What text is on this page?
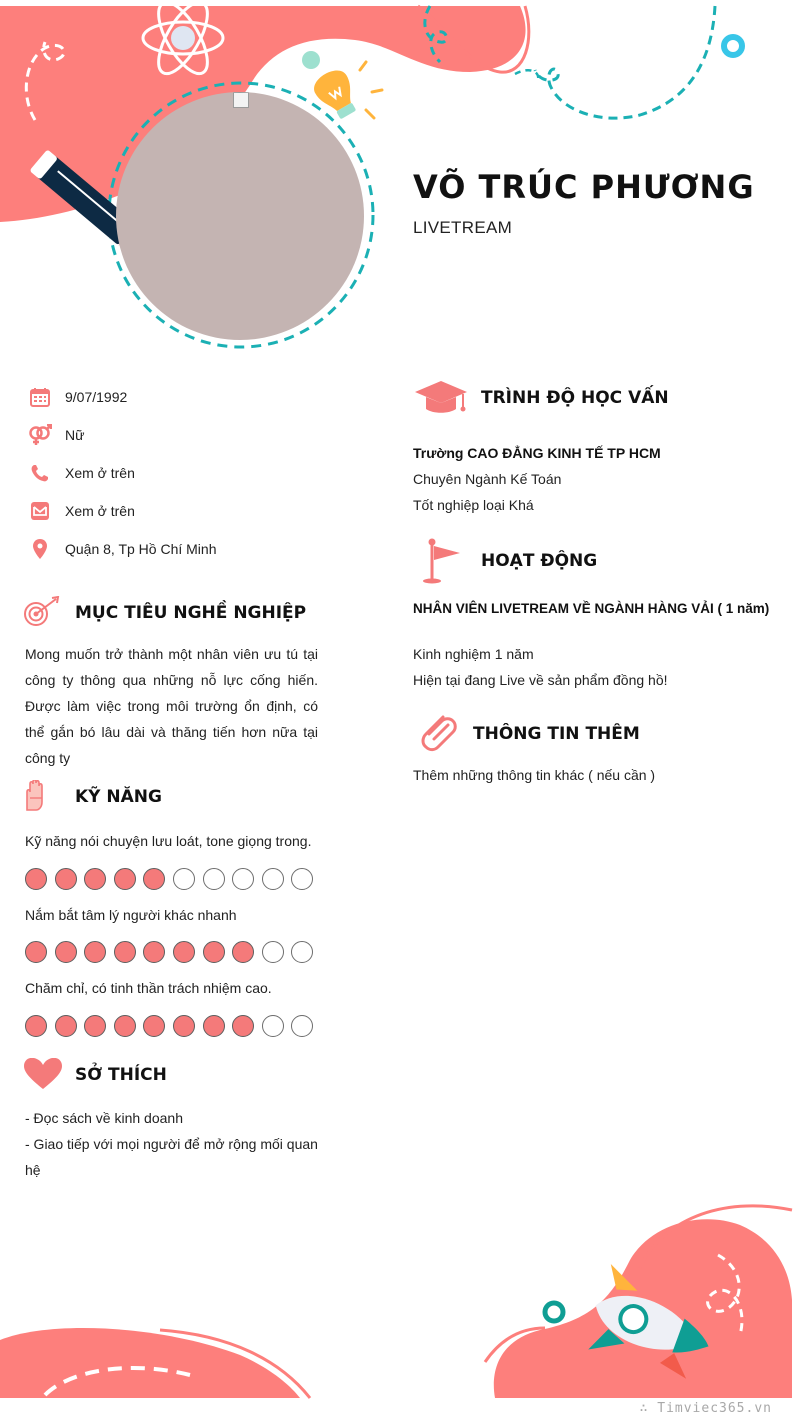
VÕ TRÚC PHƯƠNG
LIVETREAM
9/07/1992
Nữ
Xem ở trên
Xem ở trên
Quận 8, Tp Hồ Chí Minh
MỤC TIÊU NGHỀ NGHIỆP
Mong muốn trở thành một nhân viên ưu tú tại công ty thông qua những nỗ lực cống hiến. Được làm việc trong môi trường ổn định, có thể gắn bó lâu dài và thăng tiến hơn nữa tại công ty
KỸ NĂNG
Kỹ năng nói chuyện lưu loát, tone giọng trong.
Nắm bắt tâm lý người khác nhanh
Chăm chỉ, có tinh thần trách nhiệm cao.
SỞ THÍCH
- Đọc sách về kinh doanh
- Giao tiếp với mọi người để mở rộng mối quan hệ
TRÌNH ĐỘ HỌC VẤN
Trường CAO ĐẲNG KINH TẾ TP HCM
Chuyên Ngành Kế Toán
Tốt nghiệp loại Khá
HOẠT ĐỘNG
NHÂN VIÊN LIVETREAM VỀ NGÀNH HÀNG VẢI ( 1 năm)
Kinh nghiệm 1 năm
Hiện tại đang Live về sản phẩm đồng hồ!
THÔNG TIN THÊM
Thêm những thông tin khác ( nếu cần )
∴ Timviec365.vn
